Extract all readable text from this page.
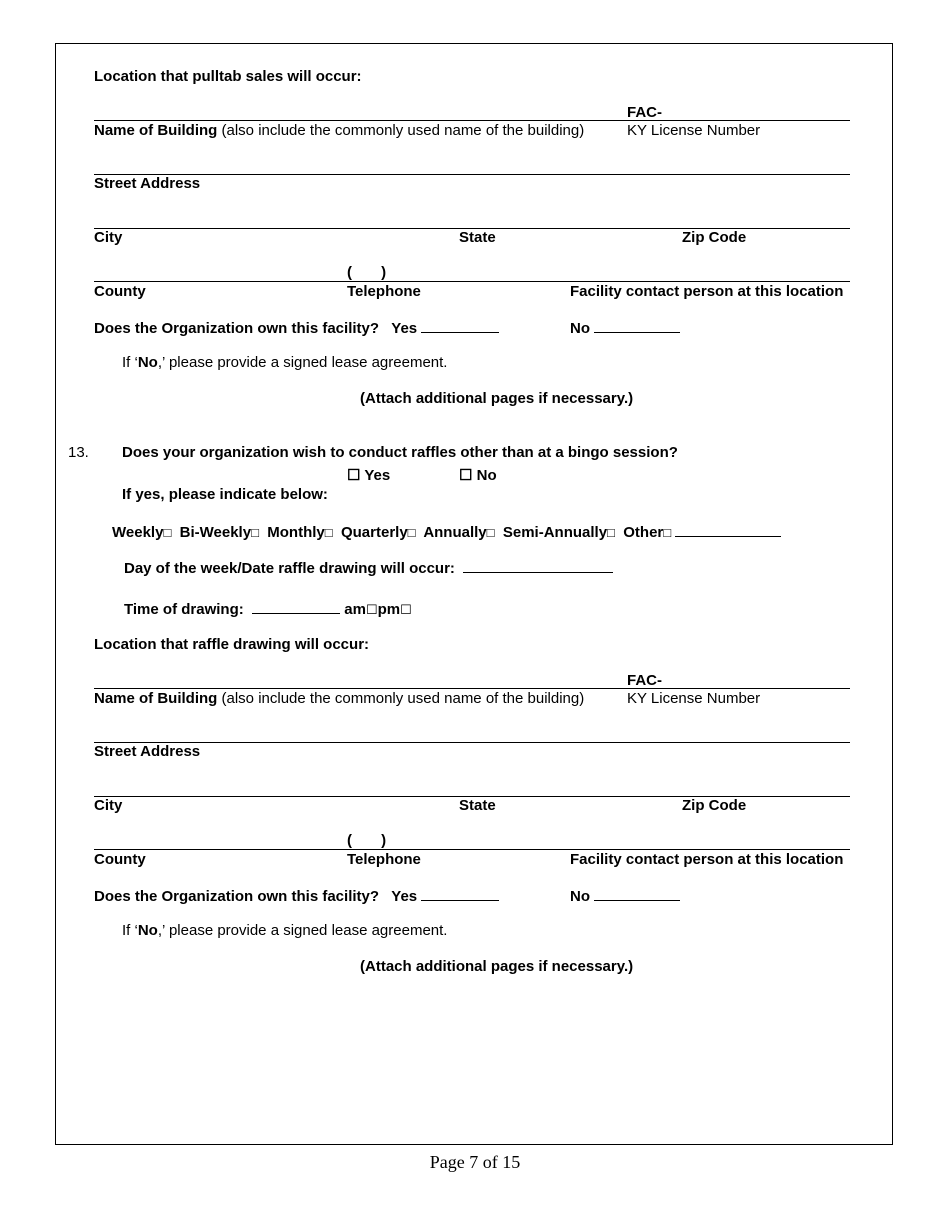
Location that pulltab sales will occur:
FAC-
Name of Building (also include the commonly used name of the building)	KY License Number
Street Address
City	State	Zip Code
(       )
County	Telephone	Facility contact person at this location
Does the Organization own this facility? Yes	No
If ‘No,’ please provide a signed lease agreement.
(Attach additional pages if necessary.)
13. Does your organization wish to conduct raffles other than at a bingo session?
☐ Yes	☐ No
If yes, please indicate below:
Weekly□ Bi-Weekly□ Monthly□ Quarterly□ Annually□ Semi-Annually□ Other□
Day of the week/Date raffle drawing will occur:
Time of drawing:	am☐pm☐
Location that raffle drawing will occur:
FAC-
Name of Building (also include the commonly used name of the building)	KY License Number
Street Address
City	State	Zip Code
(       )
County	Telephone	Facility contact person at this location
Does the Organization own this facility? Yes	No
If ‘No,’ please provide a signed lease agreement.
(Attach additional pages if necessary.)
Page 7 of 15
